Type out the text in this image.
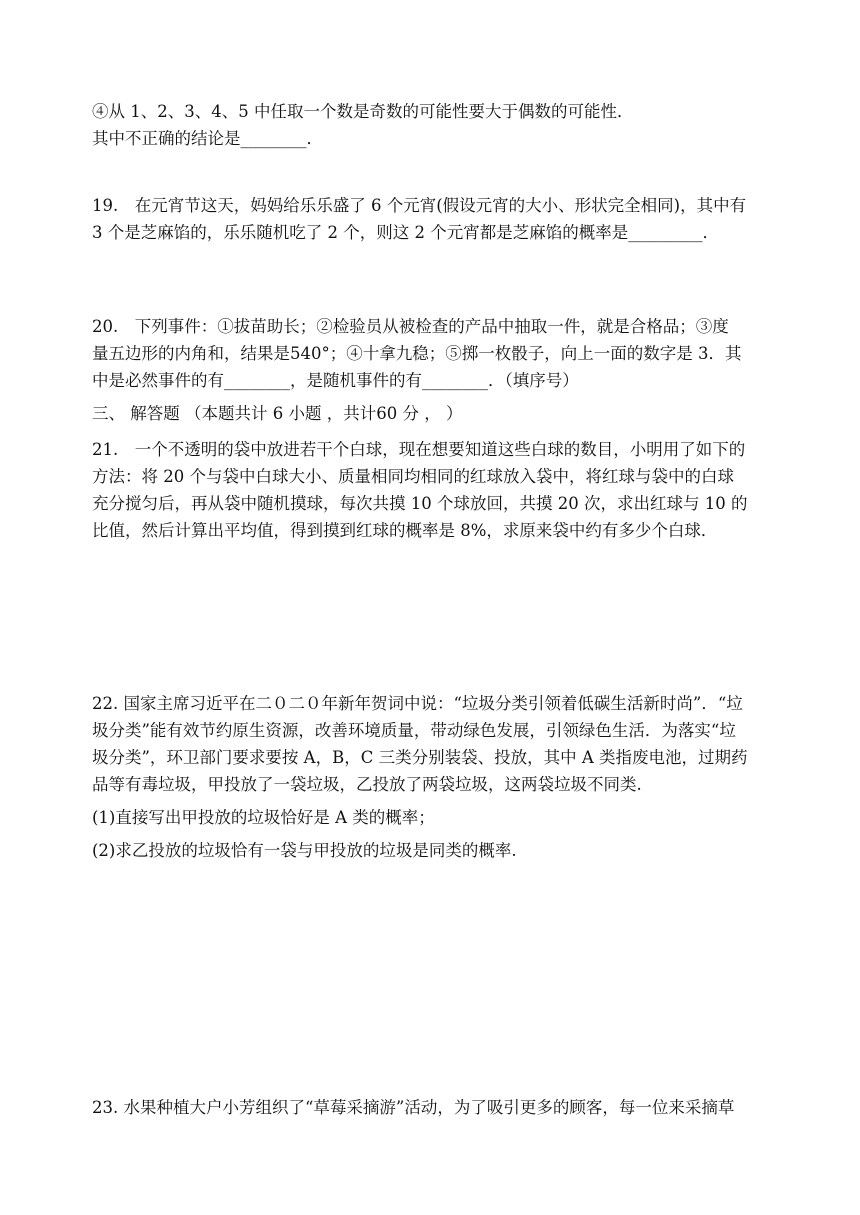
④从 1、2、3、4、5 中任取一个数是奇数的可能性要大于偶数的可能性．
其中不正确的结论是________．
19.　在元宵节这天，妈妈给乐乐盛了 6 个元宵(假设元宵的大小、形状完全相同)，其中有
3 个是芝麻馅的，乐乐随机吃了 2 个，则这 2 个元宵都是芝麻馅的概率是_________．
20.　下列事件：①拔苗助长；②检验员从被检查的产品中抽取一件，就是合格品；③度
量五边形的内角和，结果是540°；④十拿九稳；⑤掷一枚骰子，向上一面的数字是 3．其
中是必然事件的有________，是随机事件的有________．（填序号）
三、 解答题 （本题共计 6 小题 ，共计60 分 ， ）
21.　一个不透明的袋中放进若干个白球，现在想要知道这些白球的数目，小明用了如下的
方法：将 20 个与袋中白球大小、质量相同均相同的红球放入袋中，将红球与袋中的白球
充分搅匀后，再从袋中随机摸球，每次共摸 10 个球放回，共摸 20 次，求出红球与 10 的
比值，然后计算出平均值，得到摸到红球的概率是 8%，求原来袋中约有多少个白球．
22. 国家主席习近平在二０二０年新年贺词中说：“垃圾分类引领着低碳生活新时尚”．“垃
圾分类”能有效节约原生资源，改善环境质量，带动绿色发展，引领绿色生活．为落实“垃
圾分类”，环卫部门要求要按 A，B，C 三类分别装袋、投放，其中 A 类指废电池，过期药
品等有毒垃圾，甲投放了一袋垃圾，乙投放了两袋垃圾，这两袋垃圾不同类.
(1)直接写出甲投放的垃圾恰好是 A 类的概率；
(2)求乙投放的垃圾恰有一袋与甲投放的垃圾是同类的概率.
23. 水果种植大户小芳组织了“草莓采摘游”活动，为了吸引更多的顾客，每一位来采摘草
